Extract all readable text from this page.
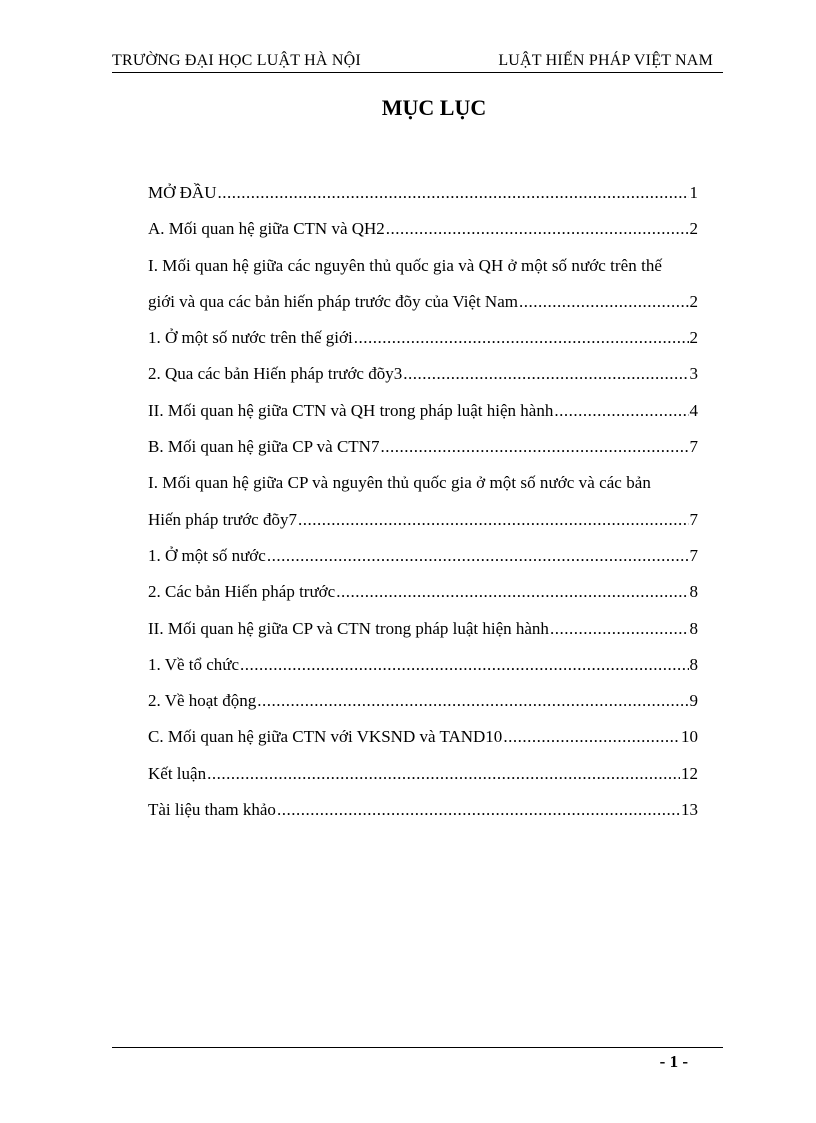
TRƯỜNG ĐẠI HỌC LUẬT HÀ NỘI	LUẬT HIẾN PHÁP VIỆT NAM
MỤC LỤC
MỞ ĐẦU .....	1
A. Mối quan hệ giữa CTN và QH2 .....	2
I. Mối quan hệ giữa các nguyên thủ quốc gia và QH ở một số nước trên thế
giới và qua các bản hiến pháp trước đõy của Việt Nam .....	2
1. Ở một số nước trên thế giới .....	2
2. Qua các bản Hiến pháp trước đõy3 .....	3
II. Mối quan hệ giữa CTN và QH trong pháp luật hiện hành .....	4
B. Mối quan hệ giữa CP và CTN7 .....	7
I. Mối quan hệ giữa CP và nguyên thủ quốc gia ở một số nước và các bản
Hiến pháp trước đõy7 .....	7
1. Ở một số nước .....	7
2. Các bản Hiến pháp trước .....	8
II. Mối quan hệ giữa CP và CTN trong pháp luật hiện hành .....	8
1. Về tổ chức .....	8
2. Về hoạt động .....	9
C. Mối quan hệ giữa CTN với VKSND và TAND10 .....	10
Kết luận .....	12
Tài liệu tham khảo .....	13
- 1 -
